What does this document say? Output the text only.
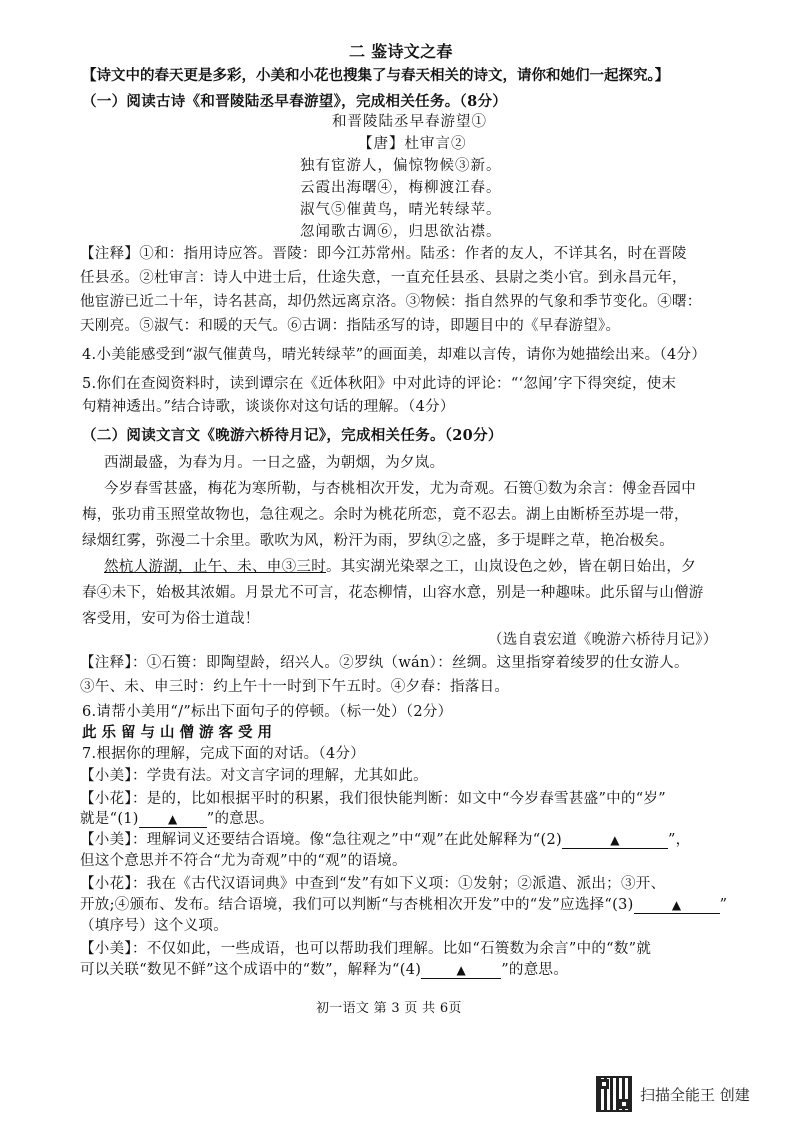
二 鉴诗文之春
【诗文中的春天更是多彩，小美和小花也搜集了与春天相关的诗文，请你和她们一起探究。】
（一）阅读古诗《和晋陵陆丞早春游望》，完成相关任务。（8分）
和晋陵陆丞早春游望①
【唐】杜审言②
独有宦游人，偏惊物候③新。
云霞出海曙④，梅柳渡江春。
淑气⑤催黄鸟，晴光转绿苹。
忽闻歌古调⑥，归思欲沾襟。
【注释】①和：指用诗应答。晋陵：即今江苏常州。陆丞：作者的友人，不详其名，时在晋陵
任县丞。②杜审言：诗人中进士后，仕途失意，一直充任县丞、县尉之类小官。到永昌元年，
他宦游已近二十年，诗名甚高，却仍然远离京洛。③物候：指自然界的气象和季节变化。④曙：
天刚亮。⑤淑气：和暖的天气。⑥古调：指陆丞写的诗，即题目中的《早春游望》。
4.小美能感受到“淑气催黄鸟，晴光转绿苹”的画面美，却难以言传，请你为她描绘出来。（4分）
5.你们在查阅资料时，读到谭宗在《近体秋阳》中对此诗的评论：“‘忽闻’字下得突绽，使末
句精神透出。”结合诗歌，谈谈你对这句话的理解。（4分）
（二）阅读文言文《晚游六桥待月记》，完成相关任务。（20分）
西湖最盛，为春为月。一日之盛，为朝烟，为夕岚。
今岁春雪甚盛，梅花为寒所勒，与杏桃相次开发，尤为奇观。石篑①数为余言：傅金吾园中
梅，张功甫玉照堂故物也，急往观之。余时为桃花所恋，竟不忍去。湖上由断桥至苏堤一带，
绿烟红雾，弥漫二十余里。歌吹为风，粉汗为雨，罗纨②之盛，多于堤畔之草，艳冶极矣。
然杭人游湖，止午、未、申③三时。其实湖光染翠之工，山岚设色之妙，皆在朝日始出，夕
春④未下，始极其浓媚。月景尤不可言，花态柳情，山容水意，别是一种趣味。此乐留与山僧游
客受用，安可为俗士道哉！
（选自袁宏道《晚游六桥待月记》）
【注释】：①石篑：即陶望龄，绍兴人。②罗纨（wán）：丝绸。这里指穿着绫罗的仕女游人。
③午、未、申三时：约上午十一时到下午五时。④夕春：指落日。
6.请帮小美用“/”标出下面句子的停顿。（标一处）（2分）
此乐留与山僧游客受用
7.根据你的理解，完成下面的对话。（4分）
【小美】：学贵有法。对文言字词的理解，尤其如此。
【小花】：是的，比如根据平时的积累，我们很快能判断：如文中“今岁春雪甚盛”中的“岁”
就是“(1) ▲ ”的意思。
【小美】：理解词义还要结合语境。像“急往观之”中“观”在此处解释为“(2)	▲	”，
但这个意思并不符合“尤为奇观”中的“观”的语境。
【小花】：我在《古代汉语词典》中查到“发”有如下义项：①发射；②派遣、派出；③开、
开放;④颁布、发布。结合语境，我们可以判断“与杏桃相次开发”中的“发”应选择“(3)	▲	”
（填序号）这个义项。
【小美】：不仅如此，一些成语，也可以帮助我们理解。比如“石篑数为余言”中的“数”就
可以关联“数见不鲜”这个成语中的“数”，解释为“(4)	▲ ”的意思。
初一语文 第 3 页 共 6页
扫描全能王 创建
